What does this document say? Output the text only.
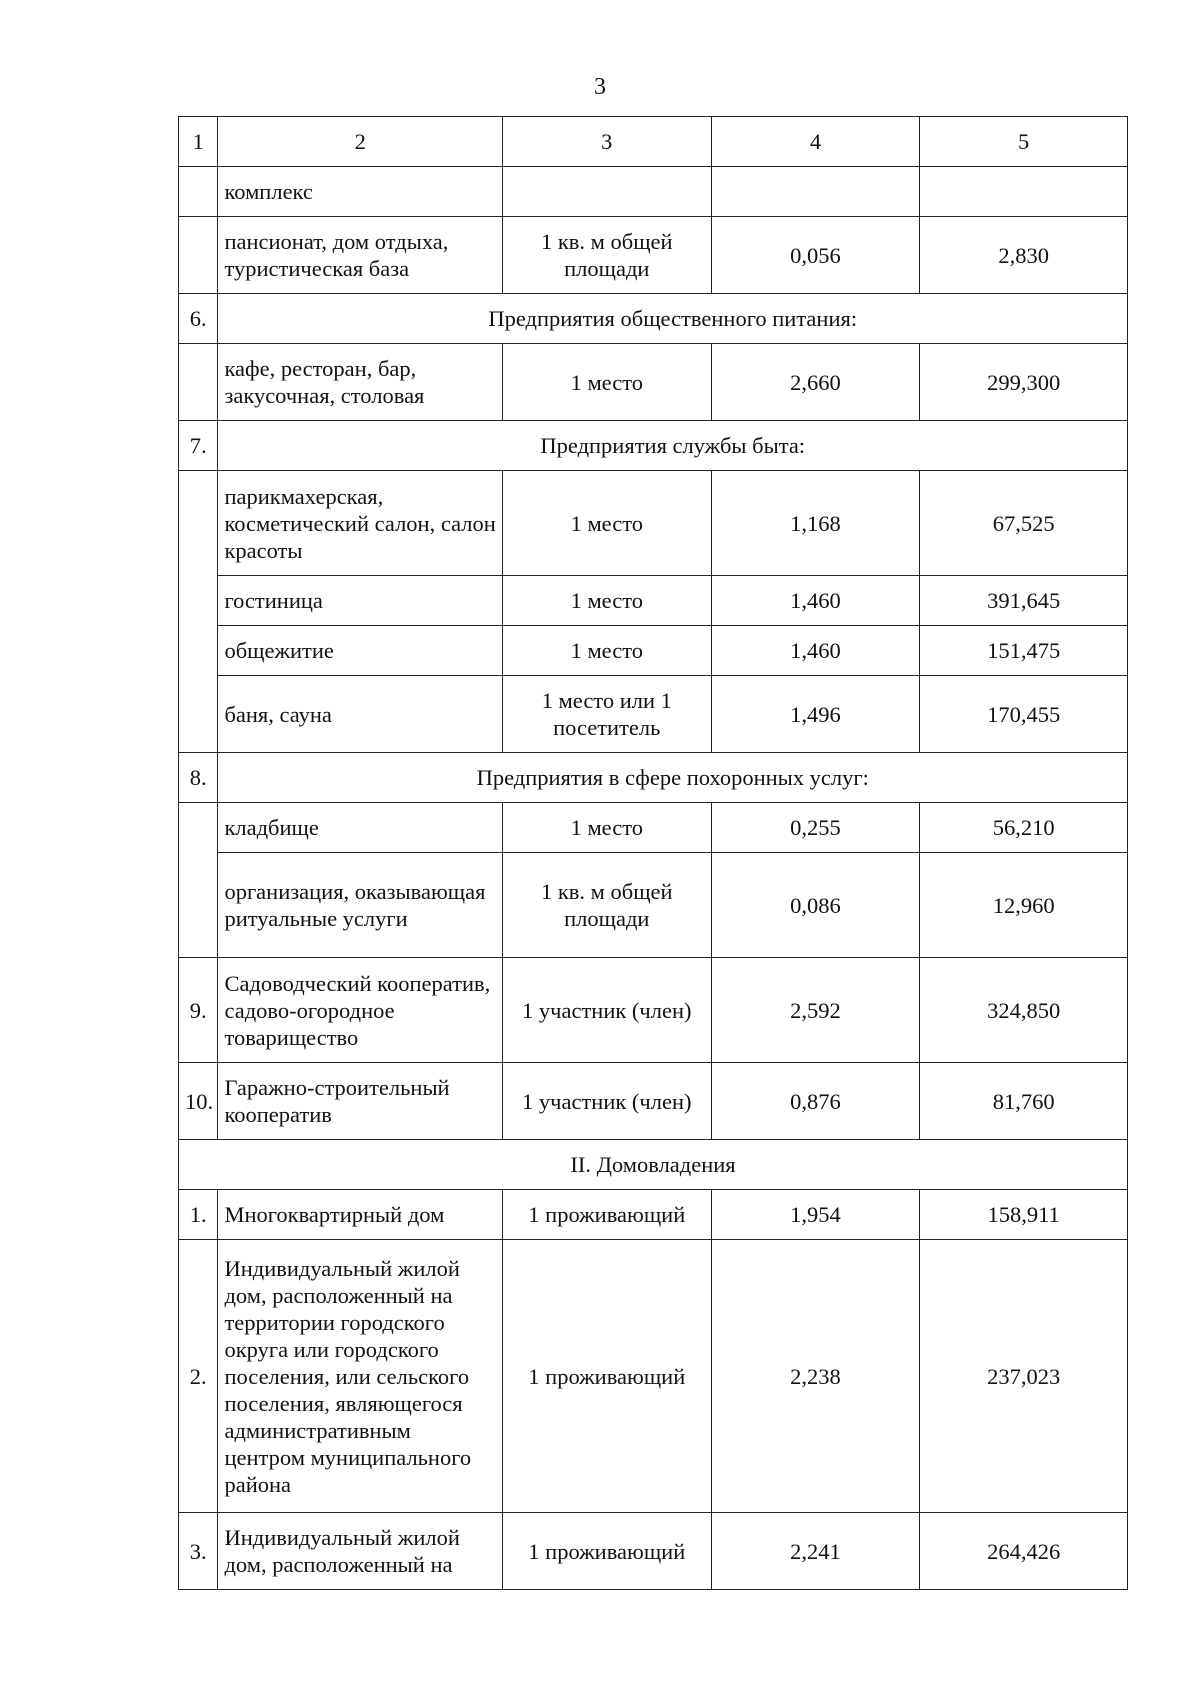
3
1	2	3	4	5
	комплекс			
	пансионат, дом отдыха, туристическая база	1 кв. м общей площади	0,056	2,830
6.	Предприятия общественного питания:			
	кафе, ресторан, бар, закусочная, столовая	1 место	2,660	299,300
7.	Предприятия службы быта:			
	парикмахерская, косметический салон, салон красоты	1 место	1,168	67,525
	гостиница	1 место	1,460	391,645
	общежитие	1 место	1,460	151,475
	баня, сауна	1 место или 1 посетитель	1,496	170,455
8.	Предприятия в сфере похоронных услуг:			
	кладбище	1 место	0,255	56,210
	организация, оказывающая ритуальные услуги	1 кв. м общей площади	0,086	12,960
9.	Садоводческий кооператив, садово-огородное товарищество	1 участник (член)	2,592	324,850
10.	Гаражно-строительный кооператив	1 участник (член)	0,876	81,760
II. Домовладения				
1.	Многоквартирный дом	1 проживающий	1,954	158,911
2.	Индивидуальный жилой дом, расположенный на территории городского округа или городского поселения, или сельского поселения, являющегося административным центром муниципального района	1 проживающий	2,238	237,023
3.	Индивидуальный жилой дом, расположенный на	1 проживающий	2,241	264,426
